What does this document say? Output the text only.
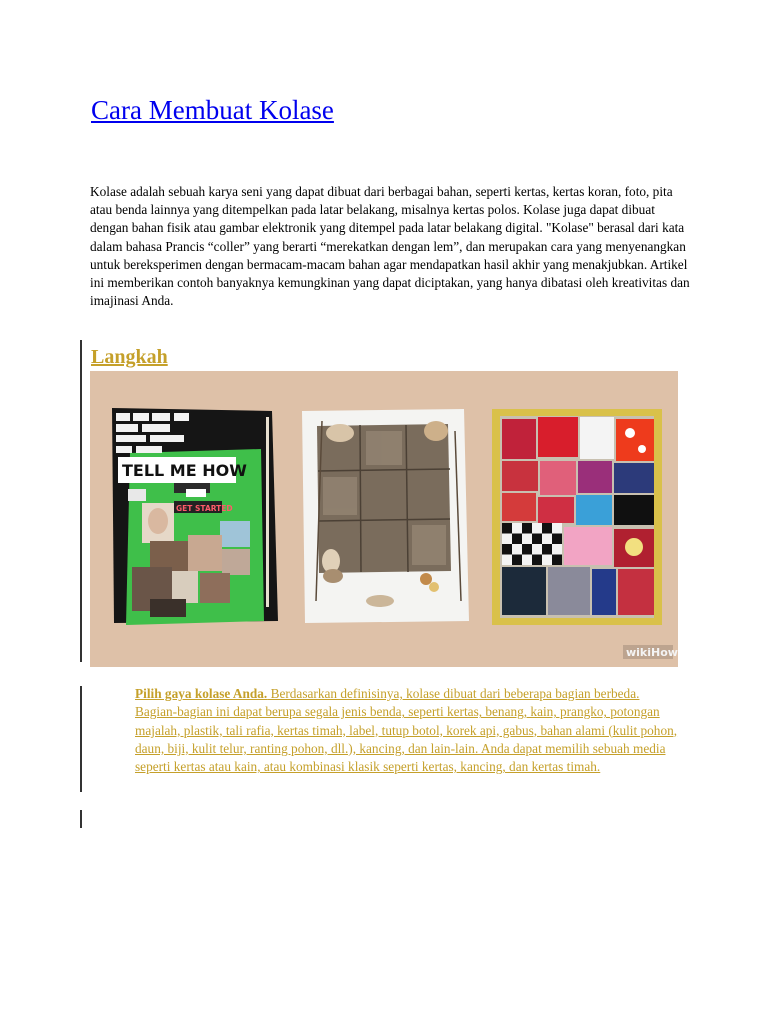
Cara Membuat Kolase

Kolase adalah sebuah karya seni yang dapat dibuat dari berbagai bahan, seperti kertas, kertas koran, foto, pita atau benda lainnya yang ditempelkan pada latar belakang, misalnya kertas polos. Kolase juga dapat dibuat dengan bahan fisik atau gambar elektronik yang ditempel pada latar belakang digital. "Kolase" berasal dari kata dalam bahasa Prancis “coller” yang berarti “merekatkan dengan lem”, dan merupakan cara yang menyenangkan untuk bereksperimen dengan bermacam-macam bahan agar mendapatkan hasil akhir yang menakjubkan. Artikel ini memberikan contoh banyaknya kemungkinan yang dapat diciptakan, yang hanya dibatasi oleh kreativitas dan imajinasi Anda.

Langkah
TELL ME HOW
GET STARTED
wikiHow

Pilih gaya kolase Anda. Berdasarkan definisinya, kolase dibuat dari beberapa bagian berbeda. Bagian-bagian ini dapat berupa segala jenis benda, seperti kertas, benang, kain, prangko, potongan majalah, plastik, tali rafia, kertas timah, label, tutup botol, korek api, gabus, bahan alami (kulit pohon, daun, biji, kulit telur, ranting pohon, dll.), kancing, dan lain-lain. Anda dapat memilih sebuah media seperti kertas atau kain, atau kombinasi klasik seperti kertas, kancing, dan kertas timah.
